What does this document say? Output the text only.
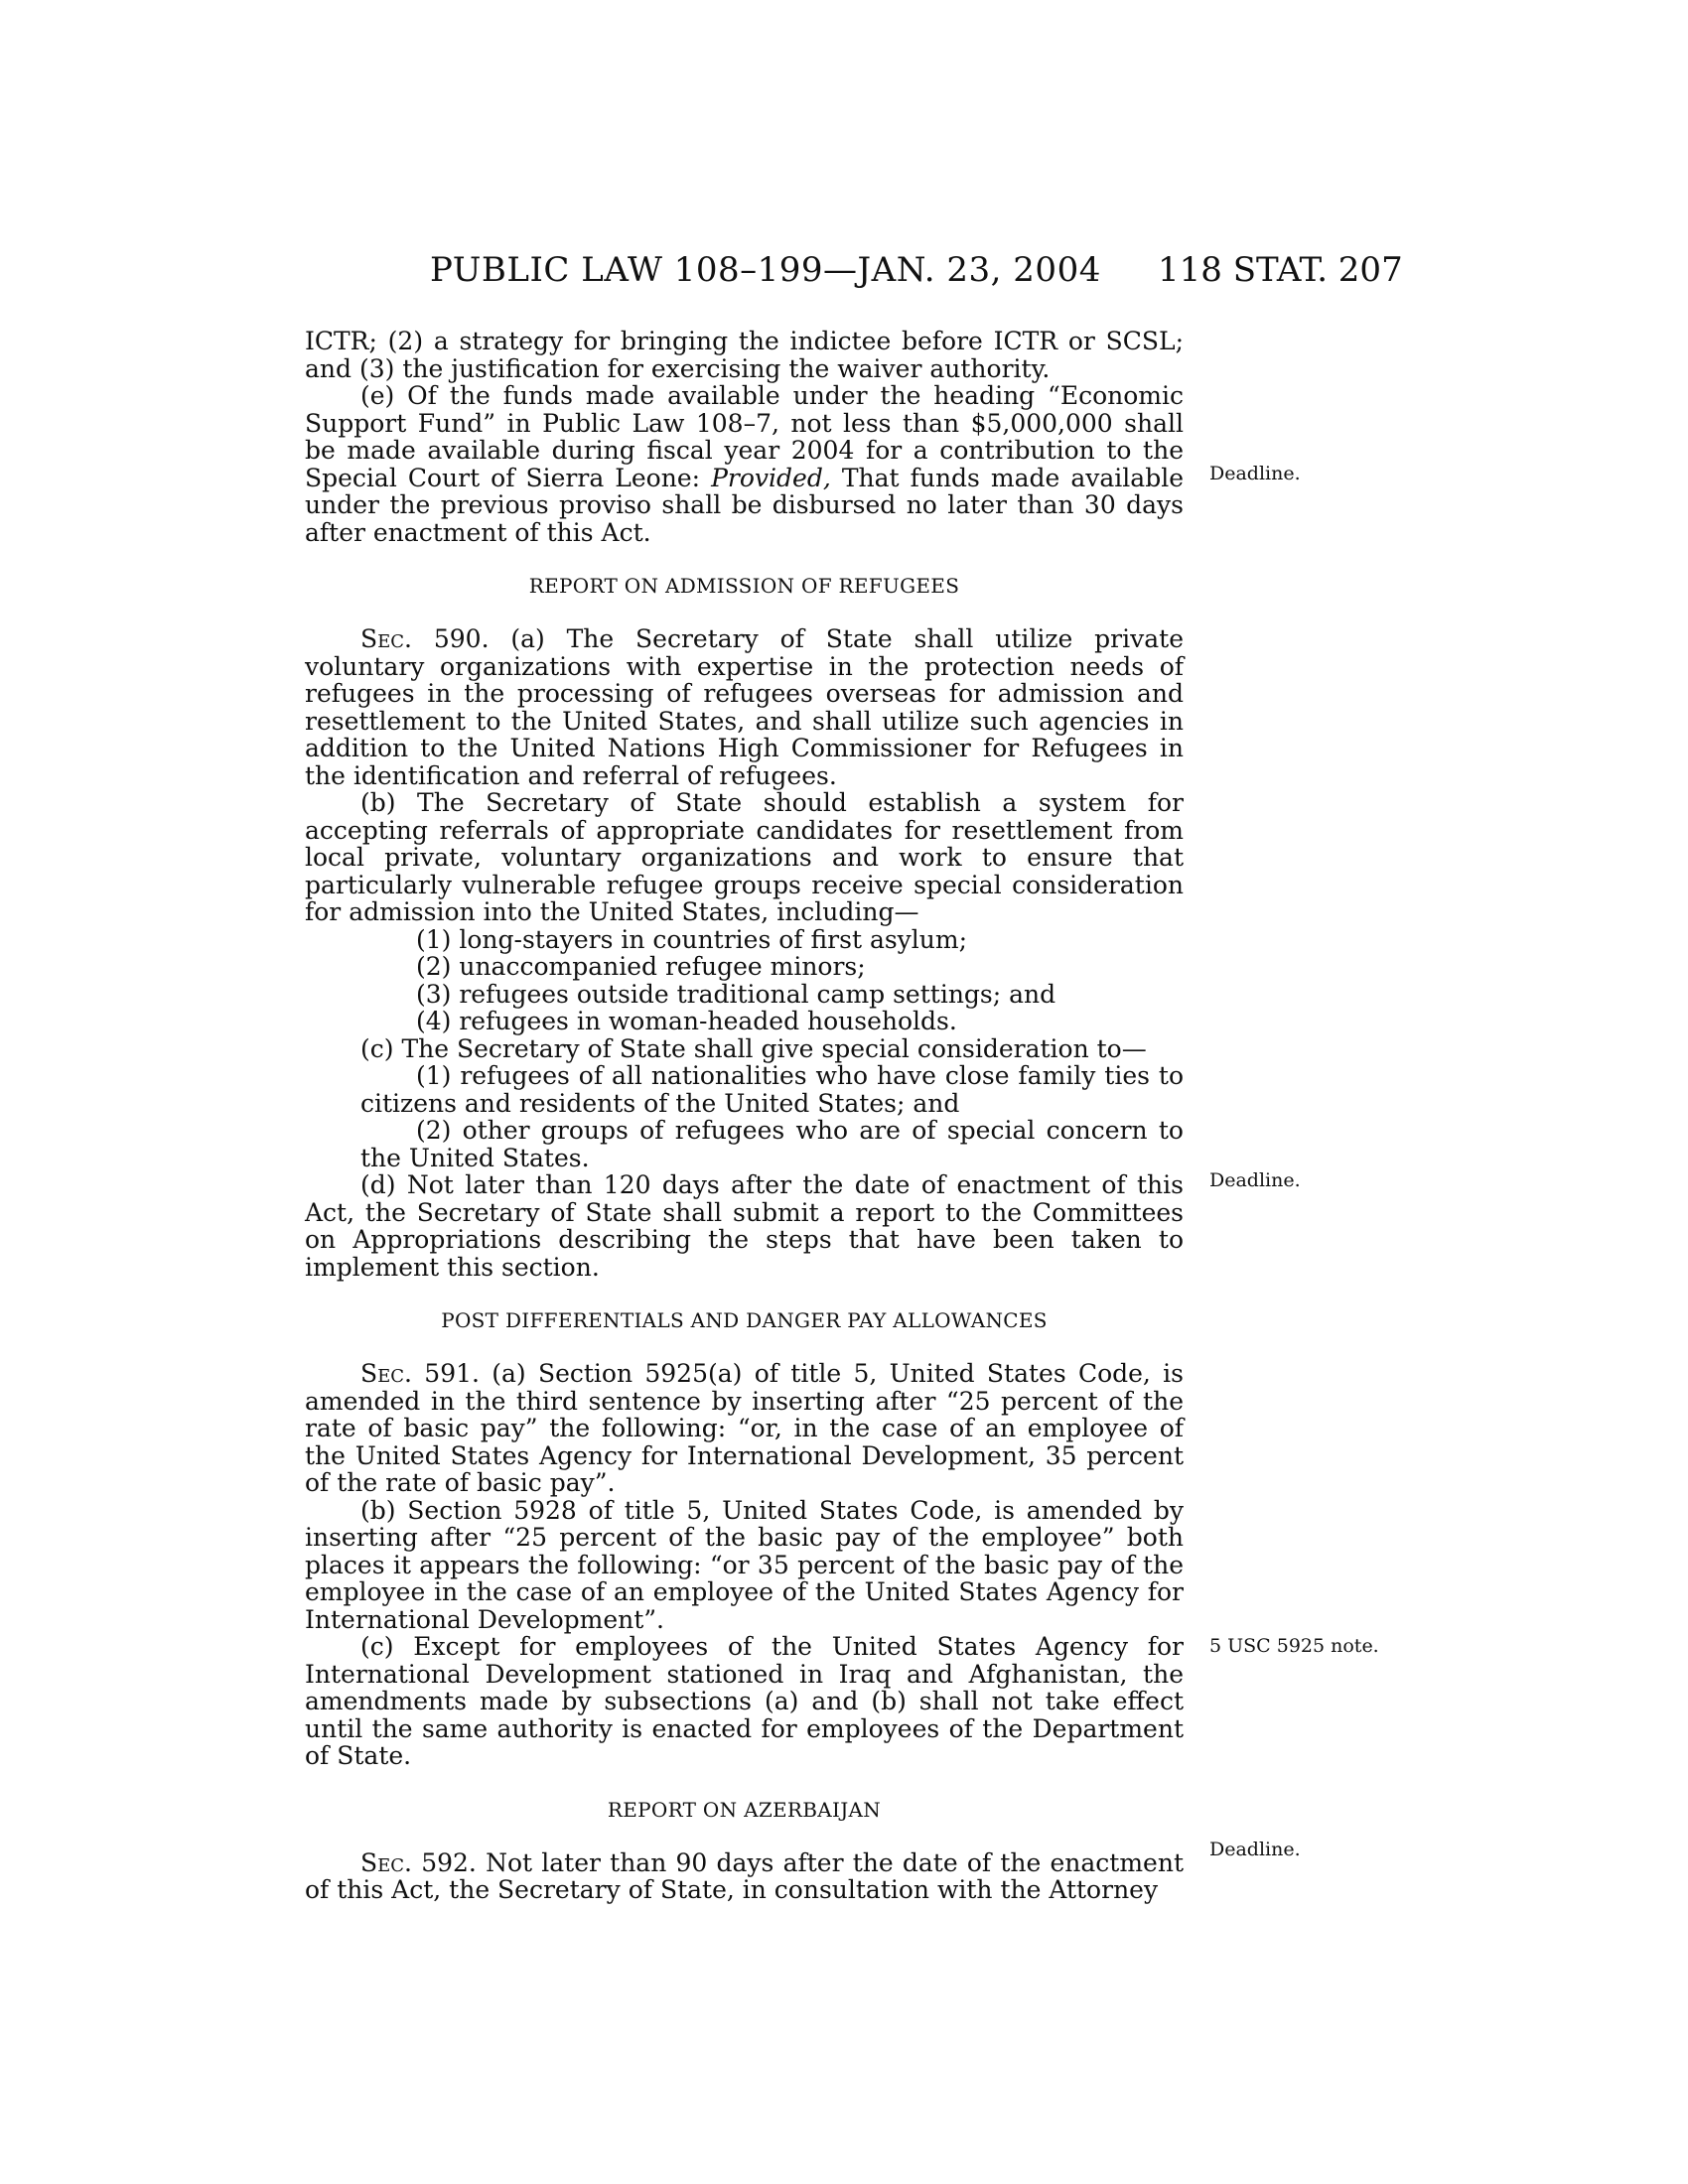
PUBLIC LAW 108–199—JAN. 23, 2004 118 STAT. 207

ICTR; (2) a strategy for bringing the indictee before ICTR or SCSL; and (3) the justification for exercising the waiver authority.

(e) Of the funds made available under the heading “Economic Support Fund” in Public Law 108–7, not less than $5,000,000 shall be made available during fiscal year 2004 for a contribution to the Special Court of Sierra Leone: Provided, That funds made available under the previous proviso shall be disbursed no later than 30 days after enactment of this Act.

REPORT ON ADMISSION OF REFUGEES

Sec. 590. (a) The Secretary of State shall utilize private voluntary organizations with expertise in the protection needs of refugees in the processing of refugees overseas for admission and resettlement to the United States, and shall utilize such agencies in addition to the United Nations High Commissioner for Refugees in the identification and referral of refugees.

(b) The Secretary of State should establish a system for accepting referrals of appropriate candidates for resettlement from local private, voluntary organizations and work to ensure that particularly vulnerable refugee groups receive special consideration for admission into the United States, including—

(1) long-stayers in countries of first asylum;

(2) unaccompanied refugee minors;

(3) refugees outside traditional camp settings; and

(4) refugees in woman-headed households.

(c) The Secretary of State shall give special consideration to—

(1) refugees of all nationalities who have close family ties to citizens and residents of the United States; and

(2) other groups of refugees who are of special concern to the United States.

(d) Not later than 120 days after the date of enactment of this Act, the Secretary of State shall submit a report to the Committees on Appropriations describing the steps that have been taken to implement this section.

POST DIFFERENTIALS AND DANGER PAY ALLOWANCES

Sec. 591. (a) Section 5925(a) of title 5, United States Code, is amended in the third sentence by inserting after “25 percent of the rate of basic pay” the following: “or, in the case of an employee of the United States Agency for International Development, 35 percent of the rate of basic pay”.

(b) Section 5928 of title 5, United States Code, is amended by inserting after “25 percent of the basic pay of the employee” both places it appears the following: “or 35 percent of the basic pay of the employee in the case of an employee of the United States Agency for International Development”.

(c) Except for employees of the United States Agency for International Development stationed in Iraq and Afghanistan, the amendments made by subsections (a) and (b) shall not take effect until the same authority is enacted for employees of the Department of State.

REPORT ON AZERBAIJAN

Sec. 592. Not later than 90 days after the date of the enactment of this Act, the Secretary of State, in consultation with the Attorney

Deadline.
Deadline.
5 USC 5925 note.
Deadline.
